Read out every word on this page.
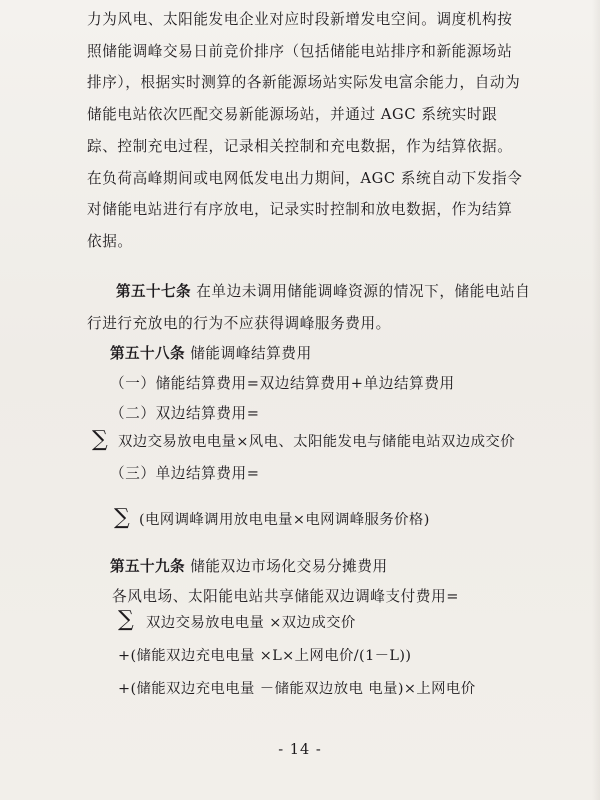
力为风电、太阳能发电企业对应时段新增发电空间。调度机构按照储能调峰交易日前竞价排序（包括储能电站排序和新能源场站排序），根据实时测算的各新能源场站实际发电富余能力，自动为储能电站依次匹配交易新能源场站，并通过 AGC 系统实时跟踪、控制充电过程，记录相关控制和充电数据，作为结算依据。在负荷高峰期间或电网低发电出力期间，AGC 系统自动下发指令对储能电站进行有序放电，记录实时控制和放电数据，作为结算依据。
第五十七条 在单边未调用储能调峰资源的情况下，储能电站自行进行充放电的行为不应获得调峰服务费用。
第五十八条 储能调峰结算费用
（一）储能结算费用=双边结算费用+单边结算费用
（二）双边结算费用=
∑ 双边交易放电电量×风电、太阳能发电与储能电站双边成交价
（三）单边结算费用=
∑ (电网调峰调用放电电量×电网调峰服务价格)
第五十九条 储能双边市场化交易分摊费用
各风电场、太阳能电站共享储能双边调峰支付费用=
∑ 双边交易放电电量 ×双边成交价
+(储能双边充电电量 ×L×上网电价/(1－L))
+(储能双边充电电量 －储能双边放电 电量)×上网电价
- 14 -
